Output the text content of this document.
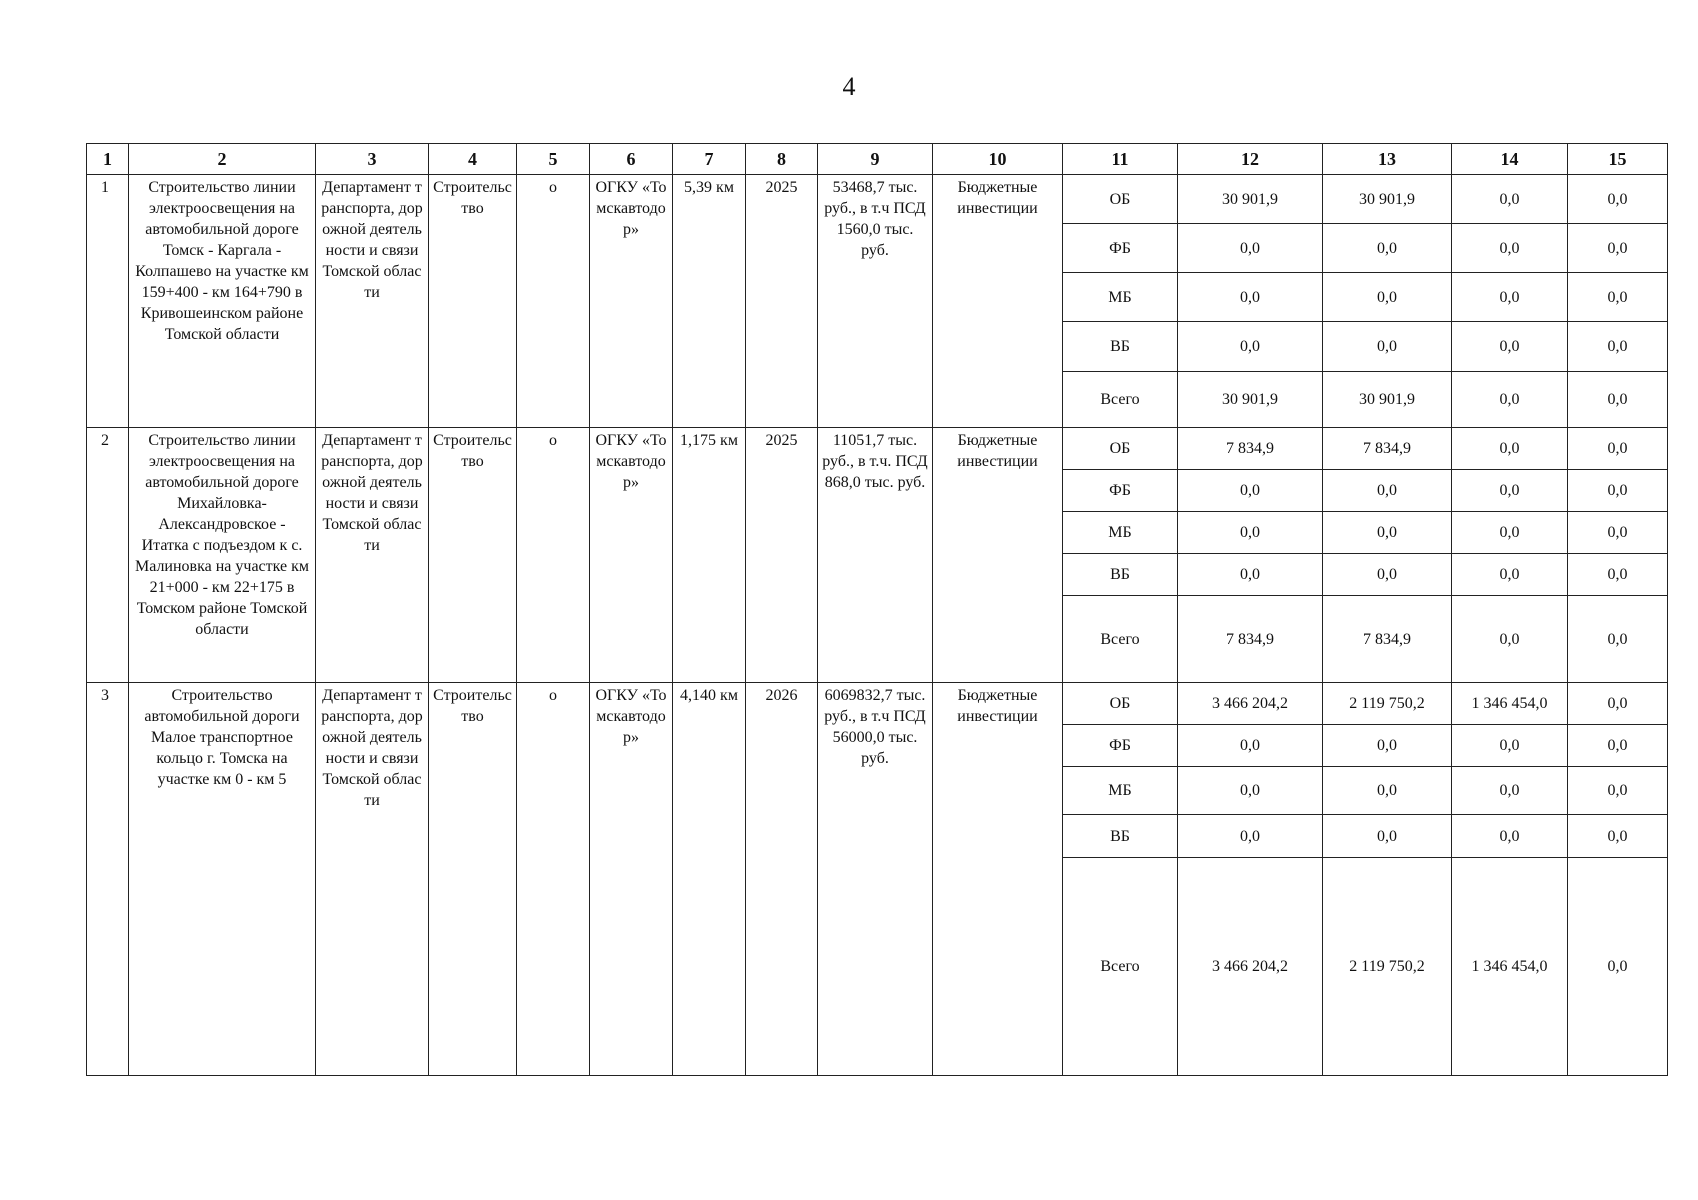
4
1	2	3	4	5	6	7	8	9	10	11	12	13	14	15
1	Строительство линии электроосвещения на автомобильной дороге Томск - Каргала - Колпашево на участке км 159+400 - км 164+790 в Кривошеинском районе Томской области	Департамент транспорта, дорожной деятельности и связи Томской области	Строительство	о	ОГКУ «Томскавтодор»	5,39 км	2025	53468,7 тыс. руб., в т.ч ПСД 1560,0 тыс. руб.	Бюджетные инвестиции	ОБ	30 901,9	30 901,9	0,0	0,0
										ФБ	0,0	0,0	0,0	0,0
										МБ	0,0	0,0	0,0	0,0
										ВБ	0,0	0,0	0,0	0,0
										Всего	30 901,9	30 901,9	0,0	0,0
2	Строительство линии электроосвещения на автомобильной дороге Михайловка-Александровское - Итатка с подъездом к с. Малиновка на участке км 21+000 - км 22+175 в Томском районе Томской области	Департамент транспорта, дорожной деятельности и связи Томской области	Строительство	о	ОГКУ «Томскавтодор»	1,175 км	2025	11051,7 тыс. руб., в т.ч. ПСД 868,0 тыс. руб.	Бюджетные инвестиции	ОБ	7 834,9	7 834,9	0,0	0,0
										ФБ	0,0	0,0	0,0	0,0
										МБ	0,0	0,0	0,0	0,0
										ВБ	0,0	0,0	0,0	0,0
										Всего	7 834,9	7 834,9	0,0	0,0
3	Строительство автомобильной дороги Малое транспортное кольцо г. Томска на участке км 0 - км 5	Департамент транспорта, дорожной деятельности и связи Томской области	Строительство	о	ОГКУ «Томскавтодор»	4,140 км	2026	6069832,7 тыс. руб., в т.ч ПСД 56000,0 тыс. руб.	Бюджетные инвестиции	ОБ	3 466 204,2	2 119 750,2	1 346 454,0	0,0
										ФБ	0,0	0,0	0,0	0,0
										МБ	0,0	0,0	0,0	0,0
										ВБ	0,0	0,0	0,0	0,0
										Всего	3 466 204,2	2 119 750,2	1 346 454,0	0,0
